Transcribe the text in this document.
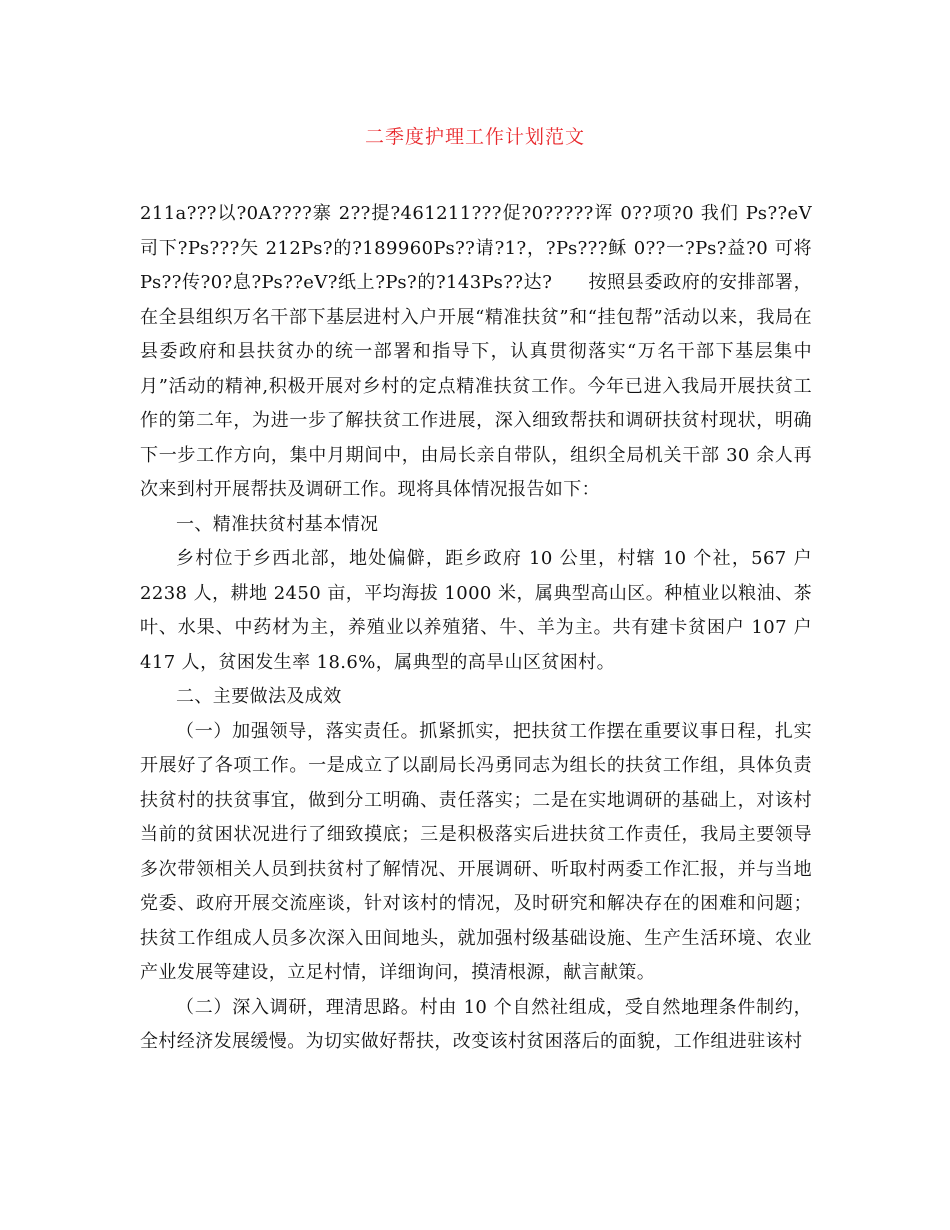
二季度护理工作计划范文

211a???以?0A????寨 2??提?461211???促?0?????诨 0??项?0 我们 Ps??eV 司下?Ps???矢 212Ps?的?189960Ps??请?1?，?Ps???稣 0??一?Ps?益?0 可将 Ps??传?0?息?Ps??eV?纸上?Ps?的?143Ps??达? 按照县委政府的安排部署，在全县组织万名干部下基层进村入户开展“精准扶贫”和“挂包帮”活动以来，我局在县委政府和县扶贫办的统一部署和指导下，认真贯彻落实“万名干部下基层集中月”活动的精神,积极开展对乡村的定点精准扶贫工作。今年已进入我局开展扶贫工作的第二年，为进一步了解扶贫工作进展，深入细致帮扶和调研扶贫村现状，明确下一步工作方向，集中月期间中，由局长亲自带队，组织全局机关干部 30 余人再次来到村开展帮扶及调研工作。现将具体情况报告如下：

一、精准扶贫村基本情况

乡村位于乡西北部，地处偏僻，距乡政府 10 公里，村辖 10 个社，567 户 2238 人，耕地 2450 亩，平均海拔 1000 米，属典型高山区。种植业以粮油、茶叶、水果、中药材为主，养殖业以养殖猪、牛、羊为主。共有建卡贫困户 107 户 417 人，贫困发生率 18.6%，属典型的高旱山区贫困村。

二、主要做法及成效

（一）加强领导，落实责任。抓紧抓实，把扶贫工作摆在重要议事日程，扎实开展好了各项工作。一是成立了以副局长冯勇同志为组长的扶贫工作组，具体负责扶贫村的扶贫事宜，做到分工明确、责任落实；二是在实地调研的基础上，对该村当前的贫困状况进行了细致摸底；三是积极落实后进扶贫工作责任，我局主要领导多次带领相关人员到扶贫村了解情况、开展调研、听取村两委工作汇报，并与当地党委、政府开展交流座谈，针对该村的情况，及时研究和解决存在的困难和问题；扶贫工作组成人员多次深入田间地头，就加强村级基础设施、生产生活环境、农业产业发展等建设，立足村情，详细询问，摸清根源，献言献策。

（二）深入调研，理清思路。村由 10 个自然社组成，受自然地理条件制约，全村经济发展缓慢。为切实做好帮扶，改变该村贫困落后的面貌，工作组进驻该村
